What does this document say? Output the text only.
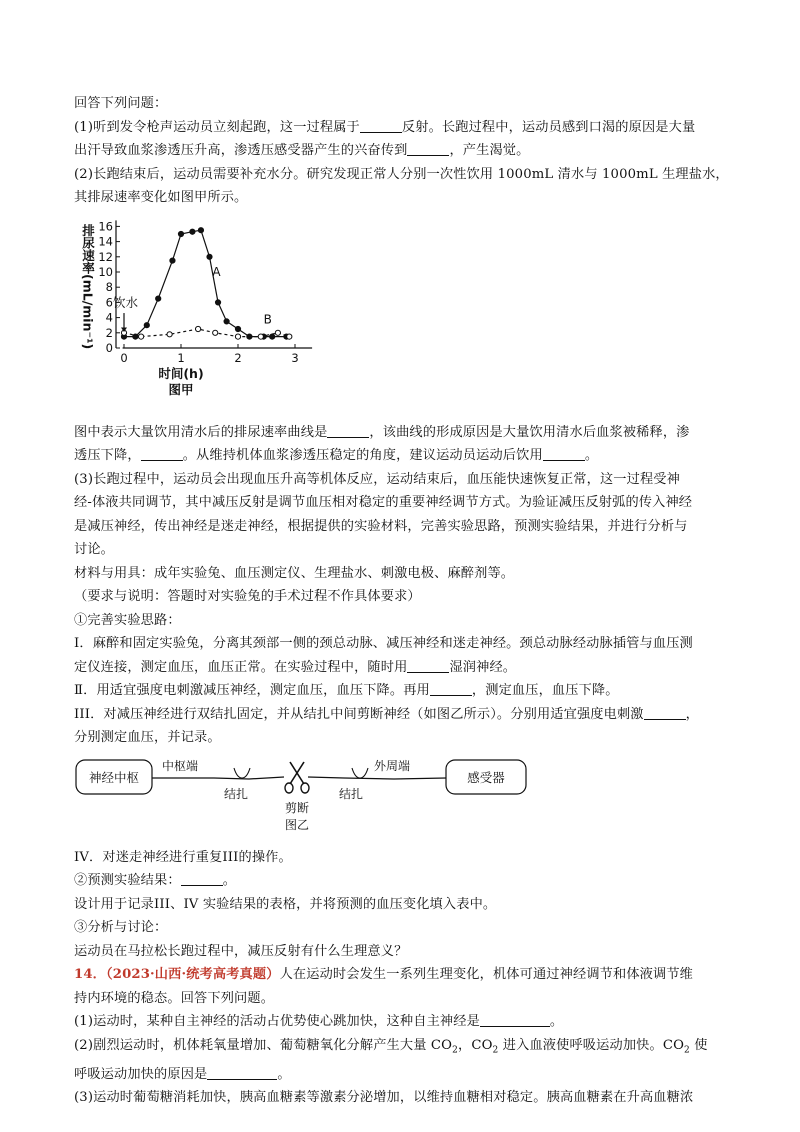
回答下列问题：

(1)听到发令枪声运动员立刻起跑，这一过程属于	反射。长跑过程中，运动员感到口渴的原因是大量

出汗导致血浆渗透压升高，渗透压感受器产生的兴奋传到	，产生渴觉。

(2)长跑结束后，运动员需要补充水分。研究发现正常人分别一次性饮用 1000mL 清水与 1000mL 生理盐水，

其排尿速率变化如图甲所示。

0
2
4
6
8
10
12
14
16
0	1	2	3
A
B
饮水
排尿速率(mL/min⁻¹)
时间(h)
图甲

图中表示大量饮用清水后的排尿速率曲线是	，该曲线的形成原因是大量饮用清水后血浆被稀释，渗

透压下降，	。从维持机体血浆渗透压稳定的角度，建议运动员运动后饮用	。

(3)长跑过程中，运动员会出现血压升高等机体反应，运动结束后，血压能快速恢复正常，这一过程受神

经-体液共同调节，其中减压反射是调节血压相对稳定的重要神经调节方式。为验证减压反射弧的传入神经

是减压神经，传出神经是迷走神经，根据提供的实验材料，完善实验思路，预测实验结果，并进行分析与

讨论。

材料与用具：成年实验兔、血压测定仪、生理盐水、刺激电极、麻醉剂等。

（要求与说明：答题时对实验兔的手术过程不作具体要求）

①完善实验思路：

I．麻醉和固定实验兔，分离其颈部一侧的颈总动脉、减压神经和迷走神经。颈总动脉经动脉插管与血压测

定仪连接，测定血压，血压正常。在实验过程中，随时用	湿润神经。

Ⅱ．用适宜强度电刺激减压神经，测定血压，血压下降。再用	，测定血压，血压下降。

III．对减压神经进行双结扎固定，并从结扎中间剪断神经（如图乙所示）。分别用适宜强度电刺激	，

分别测定血压，并记录。

神经中枢	感受器
中枢端	外周端
结扎	结扎
剪断
图乙

IV．对迷走神经进行重复III的操作。

②预测实验结果：	。

设计用于记录III、IV 实验结果的表格，并将预测的血压变化填入表中。

③分析与讨论：

运动员在马拉松长跑过程中，减压反射有什么生理意义？

14．（2023·山西·统考高考真题）人在运动时会发生一系列生理变化，机体可通过神经调节和体液调节维

持内环境的稳态。回答下列问题。

(1)运动时，某种自主神经的活动占优势使心跳加快，这种自主神经是	。

(2)剧烈运动时，机体耗氧量增加、葡萄糖氧化分解产生大量 $CO_2$，$CO_2$ 进入血液使呼吸运动加快。$CO_2$ 使

呼吸运动加快的原因是	。

(3)运动时葡萄糖消耗加快，胰高血糖素等激素分泌增加，以维持血糖相对稳定。胰高血糖素在升高血糖浓
